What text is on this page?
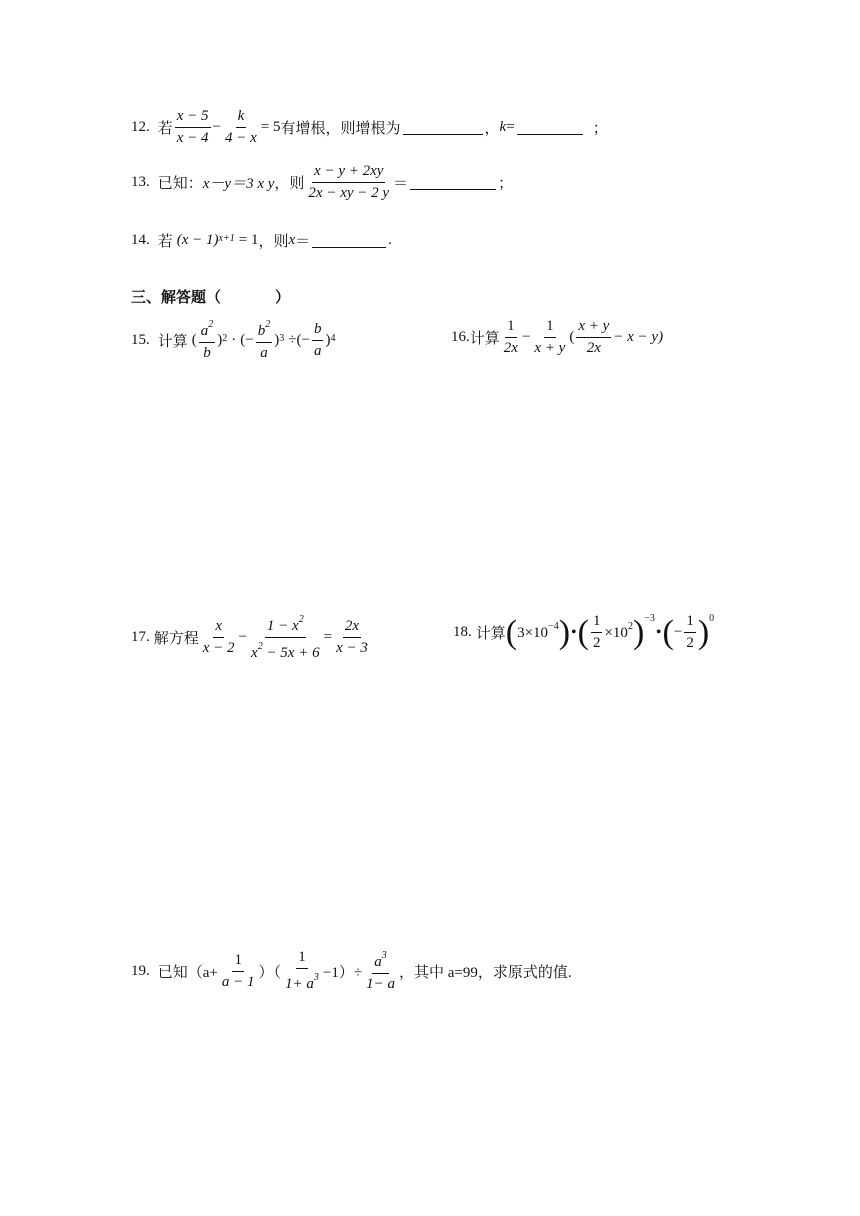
12. 若 $\frac{x - 5}{x - 4} - \frac{k}{4 - x} = 5$ 有增根，则增根为	， k =	；
13. 已知： x－y＝3 x y ，则 $\frac{x - y + 2xy}{2x - xy - 2 y}$ ＝	；
14. 若 $(x - 1)^{x+1} = 1$ ，则 x ＝	.
三、解答题（	）
15. 计算 ( $\frac{a^2}{b} )^2$ · ( − $\frac{b^2}{a} )^3$ ÷ ( − $\frac{b}{a} )^4$	16. 计算 $\frac{1}{2x} - \frac{1}{x + y}$ ( $\frac{x + y}{2x} - x - y$)
17. 解方程 $\frac{x}{x - 2} - \frac{1 - x^2}{x^2 - 5x + 6} = \frac{2x}{x - 3}$	18. 计算 ( $3\times 10^{-4}$ ) • ( $\frac{1}{2} \times 10^2$ )$^{-3}$
• ( − $\frac{1}{2} )^0$
19. 已知（$a+ \frac{1}{a - 1}$ ）（ $\frac{1}{1+ a^3} -1)\div \frac{a^3}{1- a}$ ，其中 a=99，求原式的值.
